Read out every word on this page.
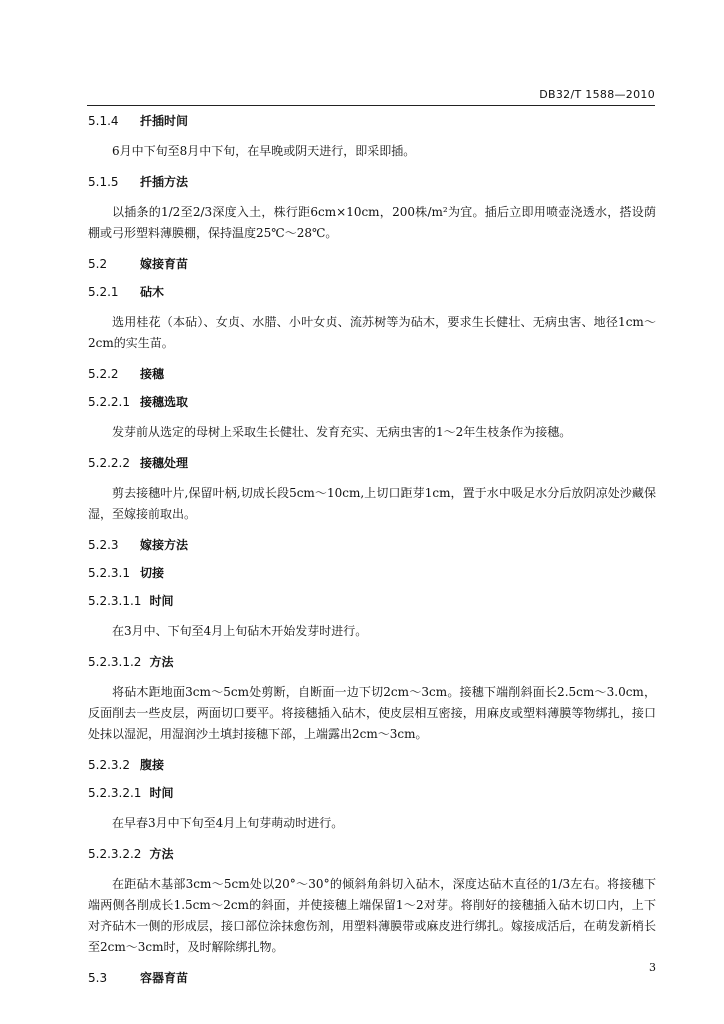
DB32/T 1588—2010
5.1.4 扦插时间
6月中下旬至8月中下旬，在早晚或阴天进行，即采即插。
5.1.5 扦插方法
以插条的1/2至2/3深度入土，株行距6cm×10cm，200株/m²为宜。插后立即用喷壶浇透水，搭设荫棚或弓形塑料薄膜棚，保持温度25℃～28℃。
5.2	嫁接育苗
5.2.1 砧木
选用桂花（本砧）、女贞、水腊、小叶女贞、流苏树等为砧木，要求生长健壮、无病虫害、地径1cm～2cm的实生苗。
5.2.2 接穗
5.2.2.1 接穗选取
发芽前从选定的母树上采取生长健壮、发育充实、无病虫害的1～2年生枝条作为接穗。
5.2.2.2 接穗处理
剪去接穗叶片,保留叶柄,切成长段5cm～10cm,上切口距芽1cm，置于水中吸足水分后放阴凉处沙藏保湿，至嫁接前取出。
5.2.3 嫁接方法
5.2.3.1 切接
5.2.3.1.1 时间
在3月中、下旬至4月上旬砧木开始发芽时进行。
5.2.3.1.2 方法
将砧木距地面3cm～5cm处剪断，自断面一边下切2cm～3cm。接穗下端削斜面长2.5cm～3.0cm，反面削去一些皮层，两面切口要平。将接穗插入砧木，使皮层相互密接，用麻皮或塑料薄膜等物绑扎，接口处抹以湿泥，用湿润沙土填封接穗下部，上端露出2cm～3cm。
5.2.3.2 腹接
5.2.3.2.1 时间
在早春3月中下旬至4月上旬芽萌动时进行。
5.2.3.2.2 方法
在距砧木基部3cm～5cm处以20°～30°的倾斜角斜切入砧木，深度达砧木直径的1/3左右。将接穗下端两侧各削成长1.5cm～2cm的斜面，并使接穗上端保留1～2对芽。将削好的接穗插入砧木切口内，上下对齐砧木一侧的形成层，接口部位涂抹愈伤剂，用塑料薄膜带或麻皮进行绑扎。嫁接成活后，在萌发新梢长至2cm～3cm时，及时解除绑扎物。
5.3	容器育苗
3
